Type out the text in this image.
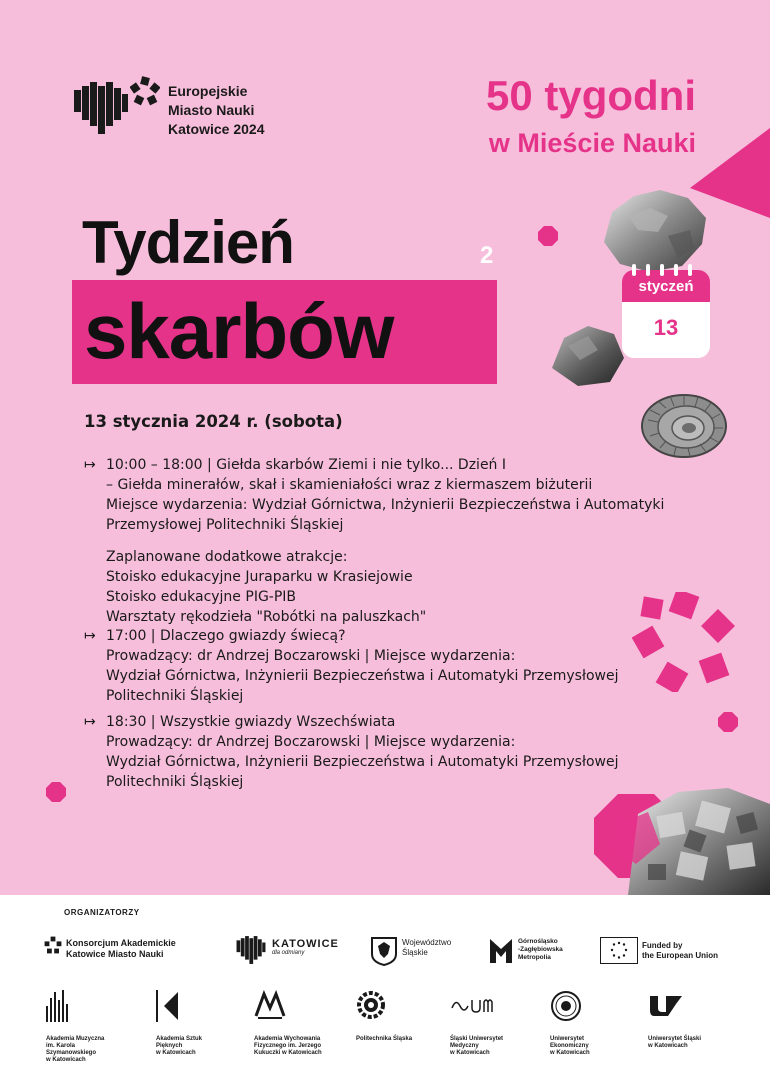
Europejskie
Miasto Nauki
Katowice 2024
50 tygodni
w Mieście Nauki
styczeń
13
Tydzień
skarbów
2
13 stycznia 2024 r. (sobota)
↦ 10:00 – 18:00 | Giełda skarbów Ziemi i nie tylko... Dzień I
– Giełda minerałów, skał i skamieniałości wraz z kiermaszem biżuterii
Miejsce wydarzenia: Wydział Górnictwa, Inżynierii Bezpieczeństwa i Automatyki
Przemysłowej Politechniki Śląskiej
Zaplanowane dodatkowe atrakcje:
Stoisko edukacyjne Juraparku w Krasiejowie
Stoisko edukacyjne PIG-PIB
Warsztaty rękodzieła "Robótki na paluszkach"
↦ 17:00 | Dlaczego gwiazdy świecą?
Prowadzący: dr Andrzej Boczarowski | Miejsce wydarzenia:
Wydział Górnictwa, Inżynierii Bezpieczeństwa i Automatyki Przemysłowej
Politechniki Śląskiej
↦ 18:30 | Wszystkie gwiazdy Wszechświata
Prowadzący: dr Andrzej Boczarowski | Miejsce wydarzenia:
Wydział Górnictwa, Inżynierii Bezpieczeństwa i Automatyki Przemysłowej
Politechniki Śląskiej
ORGANIZATORZY
Konsorcjum Akademickie
Katowice Miasto Nauki
KATOWICE
dla odmiany
Województwo
Śląskie
Górnośląsko
-Zagłębiowska
Metropolia
Funded by
the European Union
Akademia Muzyczna
im. Karola
Szymanowskiego
w Katowicach
Akademia Sztuk
Pięknych
w Katowicach
Akademia Wychowania
Fizycznego im. Jerzego
Kukuczki w Katowicach
Politechnika Śląska	Śląski Uniwersytet
Medyczny
w Katowicach
Uniwersytet
Ekonomiczny
w Katowicach
Uniwersytet Śląski
w Katowicach
